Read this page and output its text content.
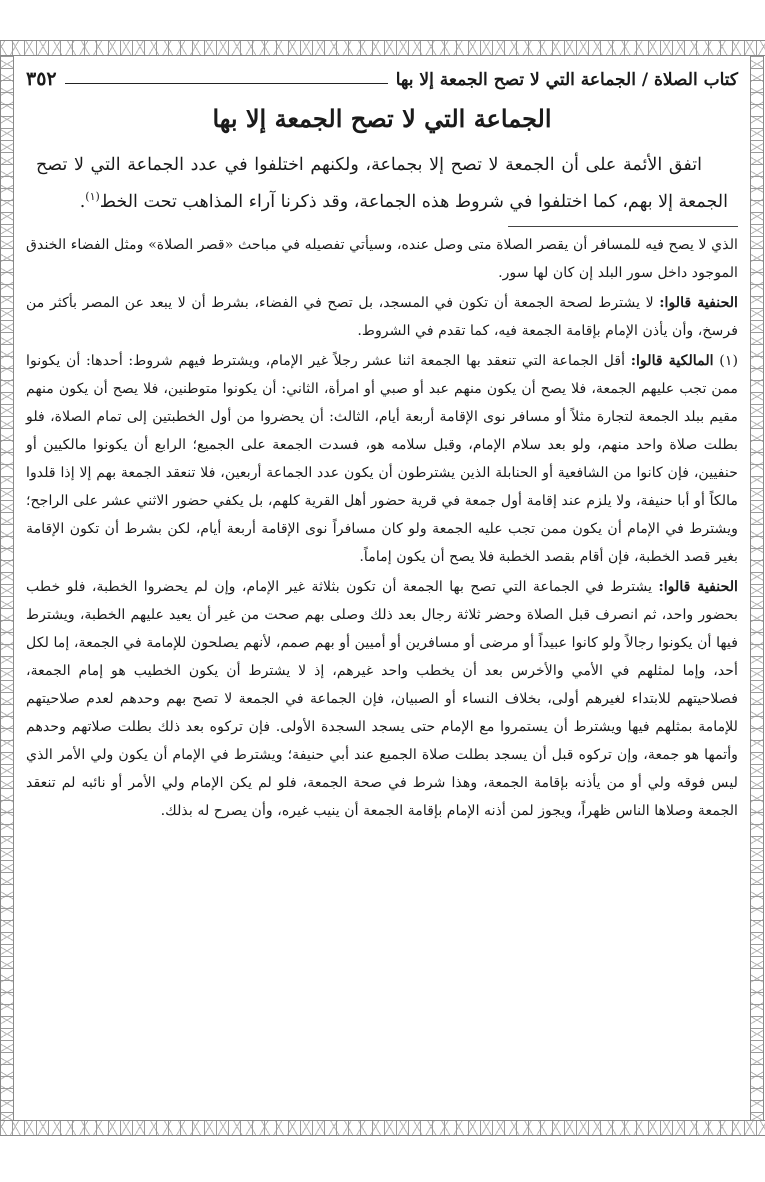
كتاب الصلاة / الجماعة التي لا تصح الجمعة إلا بها
٣٥٢
الجماعة التي لا تصح الجمعة إلا بها

اتفق الأئمة على أن الجمعة لا تصح إلا بجماعة، ولكنهم اختلفوا في عدد الجماعة التي لا تصح الجمعة إلا بهم، كما اختلفوا في شروط هذه الجماعة، وقد ذكرنا آراء المذاهب تحت الخط$^{(١)}$.

الذي لا يصح فيه للمسافر أن يقصر الصلاة متى وصل عنده، وسيأتي تفصيله في مباحث «قصر الصلاة» ومثل الفضاء الخندق الموجود داخل سور البلد إن كان لها سور.

الحنفية قالوا: لا يشترط لصحة الجمعة أن تكون في المسجد، بل تصح في الفضاء، بشرط أن لا يبعد عن المصر بأكثر من فرسخ، وأن يأذن الإمام بإقامة الجمعة فيه، كما تقدم في الشروط.

(١) المالكية قالوا: أقل الجماعة التي تنعقد بها الجمعة اثنا عشر رجلاً غير الإمام، ويشترط فيهم شروط: أحدها: أن يكونوا ممن تجب عليهم الجمعة، فلا يصح أن يكون منهم عبد أو صبي أو امرأة، الثاني: أن يكونوا متوطنين، فلا يصح أن يكون منهم مقيم ببلد الجمعة لتجارة مثلاً أو مسافر نوى الإقامة أربعة أيام، الثالث: أن يحضروا من أول الخطبتين إلى تمام الصلاة، فلو بطلت صلاة واحد منهم، ولو بعد سلام الإمام، وقبل سلامه هو، فسدت الجمعة على الجميع؛ الرابع أن يكونوا مالكيين أو حنفيين، فإن كانوا من الشافعية أو الحنابلة الذين يشترطون أن يكون عدد الجماعة أربعين، فلا تنعقد الجمعة بهم إلا إذا قلدوا مالكاً أو أبا حنيفة، ولا يلزم عند إقامة أول جمعة في قرية حضور أهل القرية كلهم، بل يكفي حضور الاثني عشر على الراجح؛ ويشترط في الإمام أن يكون ممن تجب عليه الجمعة ولو كان مسافراً نوى الإقامة أربعة أيام، لكن بشرط أن تكون الإقامة بغير قصد الخطبة، فإن أقام بقصد الخطبة فلا يصح أن يكون إماماً.

الحنفية قالوا: يشترط في الجماعة التي تصح بها الجمعة أن تكون بثلاثة غير الإمام، وإن لم يحضروا الخطبة، فلو خطب بحضور واحد، ثم انصرف قبل الصلاة وحضر ثلاثة رجال بعد ذلك وصلى بهم صحت من غير أن يعيد عليهم الخطبة، ويشترط فيها أن يكونوا رجالاً ولو كانوا عبيداً أو مرضى أو مسافرين أو أميين أو بهم صمم، لأنهم يصلحون للإمامة في الجمعة، إما لكل أحد، وإما لمثلهم في الأمي والأخرس بعد أن يخطب واحد غيرهم، إذ لا يشترط أن يكون الخطيب هو إمام الجمعة، فصلاحيتهم للابتداء لغيرهم أولى، بخلاف النساء أو الصبيان، فإن الجماعة في الجمعة لا تصح بهم وحدهم لعدم صلاحيتهم للإمامة بمثلهم فيها ويشترط أن يستمروا مع الإمام حتى يسجد السجدة الأولى. فإن تركوه بعد ذلك بطلت صلاتهم وحدهم وأتمها هو جمعة، وإن تركوه قبل أن يسجد بطلت صلاة الجميع عند أبي حنيفة؛ ويشترط في الإمام أن يكون ولي الأمر الذي ليس فوقه ولي أو من يأذنه بإقامة الجمعة، وهذا شرط في صحة الجمعة، فلو لم يكن الإمام ولي الأمر أو نائبه لم تنعقد الجمعة وصلاها الناس ظهراً، ويجوز لمن أذنه الإمام بإقامة الجمعة أن ينيب غيره، وأن يصرح له بذلك.
